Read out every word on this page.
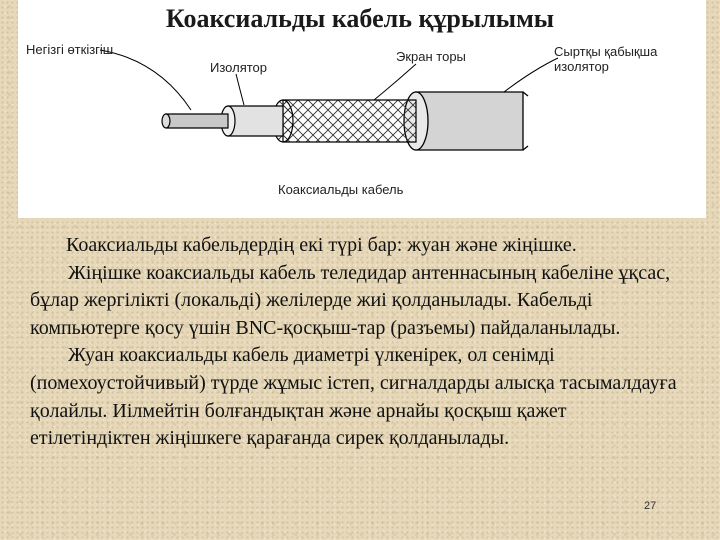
Коаксиальды кабель құрылымы
Негізгі өткізгіш
Изолятор
Экран торы	Сыртқы қабықша
изолятор
Коаксиальды кабель

Коаксиальды кабельдердің екі түрі бар: жуан және жіңішке.

Жіңішке коаксиальды кабель теледидар антеннасының кабеліне ұқсас, бұлар жергілікті (локальді) желілерде жиі қолданылады. Кабельді компьютерге қосу үшін BNC-қосқыш-тар (разъемы) пайдаланылады.

Жуан коаксиальды кабель диаметрі үлкенірек, ол сенімді (помехоустойчивый) түрде жұмыс істеп, сигналдарды алысқа тасымалдауға қолайлы. Иілмейтін болғандықтан және арнайы қосқыш қажет етілетіндіктен жіңішкеге қарағанда сирек қолданылады.

27
